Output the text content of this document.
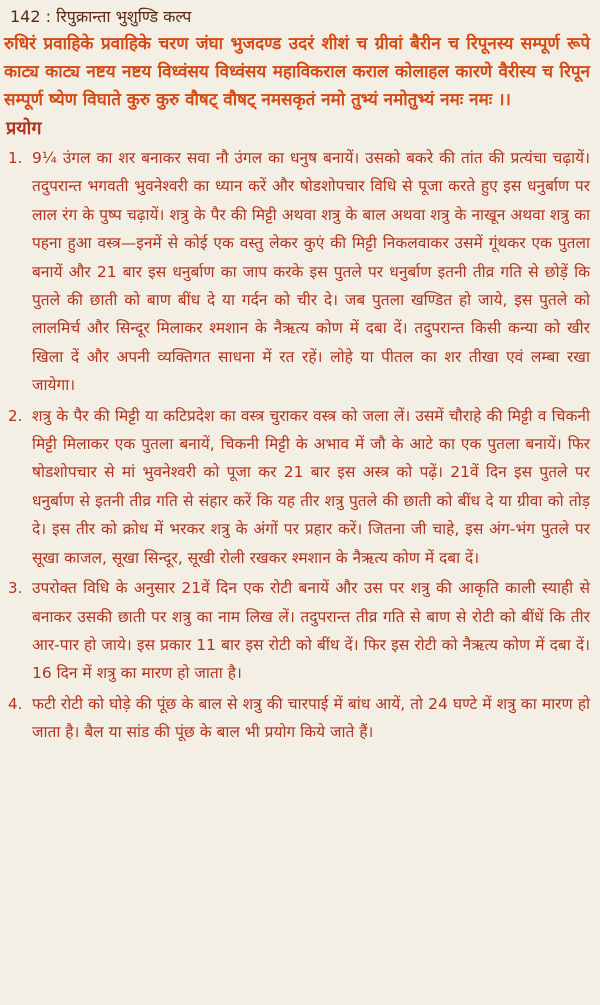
142 : रिपुक्रान्ता भुशुण्डि कल्प
रुधिरं प्रवाहिके प्रवाहिके चरण जंघा भुजदण्ड उदरं शीशं च ग्रीवां बैरीन च रिपूनस्य सम्पूर्ण रूपे काट्य काट्य नष्टय नष्टय विध्वंसय विध्वंसय महाविकराल कराल कोलाहल कारणे वैरीस्य च रिपून सम्पूर्ण ष्येण विघाते कुरु कुरु वौषट् वौषट् नमसकृतं नमो तुभ्यं नमोतुभ्यं नमः नमः ।।
प्रयोग
1. 9¼ उंगल का शर बनाकर सवा नौ उंगल का धनुष बनायें। उसको बकरे की तांत की प्रत्यंचा चढ़ायें। तदुपरान्त भगवती भुवनेश्वरी का ध्यान करें और षोडशोपचार विधि से पूजा करते हुए इस धनुर्बाण पर लाल रंग के पुष्प चढ़ायें। शत्रु के पैर की मिट्टी अथवा शत्रु के बाल अथवा शत्रु के नाखून अथवा शत्रु का पहना हुआ वस्त्र—इनमें से कोई एक वस्तु लेकर कुएं की मिट्टी निकलवाकर उसमें गूंथकर एक पुतला बनायें और 21 बार इस धनुर्बाण का जाप करके इस पुतले पर धनुर्बाण इतनी तीव्र गति से छोड़ें कि पुतले की छाती को बाण बींध दे या गर्दन को चीर दे। जब पुतला खण्डित हो जाये, इस पुतले को लालमिर्च और सिन्दूर मिलाकर श्मशान के नैऋत्य कोण में दबा दें। तदुपरान्त किसी कन्या को खीर खिला दें और अपनी व्यक्तिगत साधना में रत रहें। लोहे या पीतल का शर तीखा एवं लम्बा रखा जायेगा।
2. शत्रु के पैर की मिट्टी या कटिप्रदेश का वस्त्र चुराकर वस्त्र को जला लें। उसमें चौराहे की मिट्टी व चिकनी मिट्टी मिलाकर एक पुतला बनायें, चिकनी मिट्टी के अभाव में जौ के आटे का एक पुतला बनायें। फिर षोडशोपचार से मां भुवनेश्वरी को पूजा कर 21 बार इस अस्त्र को पढ़ें। 21वें दिन इस पुतले पर धनुर्बाण से इतनी तीव्र गति से संहार करें कि यह तीर शत्रु पुतले की छाती को बींध दे या ग्रीवा को तोड़ दे। इस तीर को क्रोध में भरकर शत्रु के अंगों पर प्रहार करें। जितना जी चाहे, इस अंग-भंग पुतले पर सूखा काजल, सूखा सिन्दूर, सूखी रोली रखकर श्मशान के नैऋत्य कोण में दबा दें।
3. उपरोक्त विधि के अनुसार 21वें दिन एक रोटी बनायें और उस पर शत्रु की आकृति काली स्याही से बनाकर उसकी छाती पर शत्रु का नाम लिख लें। तदुपरान्त तीव्र गति से बाण से रोटी को बींधें कि तीर आर-पार हो जाये। इस प्रकार 11 बार इस रोटी को बींध दें। फिर इस रोटी को नैऋत्य कोण में दबा दें। 16 दिन में शत्रु का मारण हो जाता है।
4. फटी रोटी को घोड़े की पूंछ के बाल से शत्रु की चारपाई में बांध आयें, तो 24 घण्टे में शत्रु का मारण हो जाता है। बैल या सांड की पूंछ के बाल भी प्रयोग किये जाते हैं।
